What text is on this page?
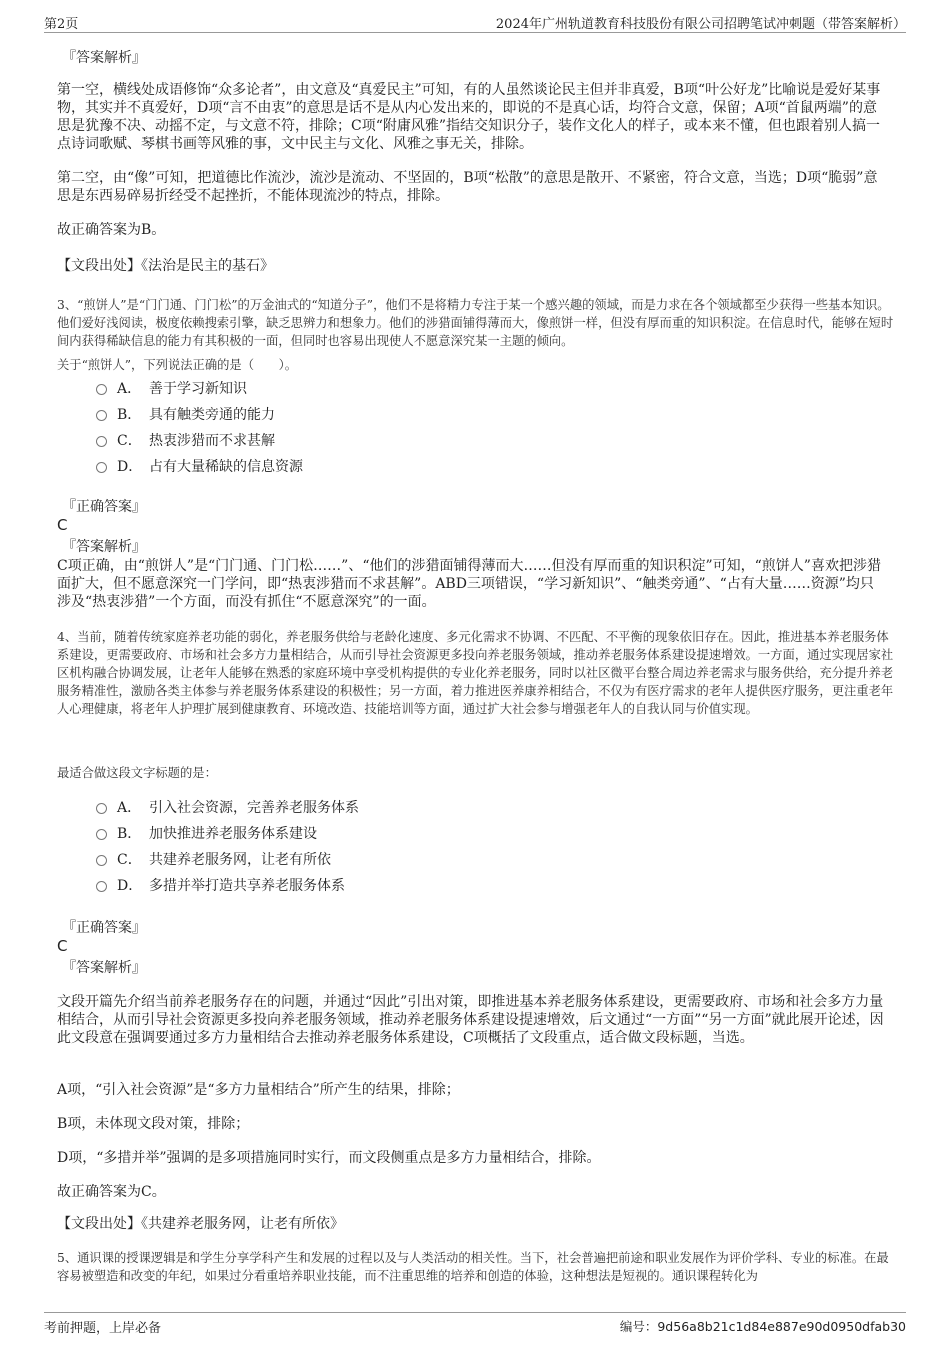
第2页	2024年广州轨道教育科技股份有限公司招聘笔试冲刺题（带答案解析）
『答案解析』

第一空，横线处成语修饰“众多论者”，由文意及“真爱民主”可知，有的人虽然谈论民主但并非真爱，B项“叶公好龙”比喻说是爱好某事物，其实并不真爱好，D项“言不由衷”的意思是话不是从内心发出来的，即说的不是真心话，均符合文意，保留；A项“首鼠两端”的意思是犹豫不决、动摇不定，与文意不符，排除；C项“附庸风雅”指结交知识分子，装作文化人的样子，或本来不懂，但也跟着别人搞一点诗词歌赋、琴棋书画等风雅的事，文中民主与文化、风雅之事无关，排除。

第二空，由“像”可知，把道德比作流沙，流沙是流动、不坚固的，B项“松散”的意思是散开、不紧密，符合文意，当选；D项“脆弱”意思是东西易碎易折经受不起挫折，不能体现流沙的特点，排除。

故正确答案为B。

【文段出处】《法治是民主的基石》

3、“煎饼人”是“门门通、门门松”的万金油式的“知道分子”，他们不是将精力专注于某一个感兴趣的领域，而是力求在各个领域都至少获得一些基本知识。他们爱好浅阅读，极度依赖搜索引擎，缺乏思辨力和想象力。他们的涉猎面铺得薄而大，像煎饼一样，但没有厚而重的知识积淀。在信息时代，能够在短时间内获得稀缺信息的能力有其积极的一面，但同时也容易出现使人不愿意深究某一主题的倾向。

关于“煎饼人”，下列说法正确的是（　　）。

A． 善于学习新知识
B． 具有触类旁通的能力
C． 热衷涉猎而不求甚解
D． 占有大量稀缺的信息资源
『正确答案』
C
『答案解析』

C项正确，由“煎饼人”是“门门通、门门松……”、“他们的涉猎面铺得薄而大……但没有厚而重的知识积淀”可知，“煎饼人”喜欢把涉猎面扩大，但不愿意深究一门学问，即“热衷涉猎而不求甚解”。ABD三项错误，“学习新知识”、“触类旁通”、“占有大量……资源”均只涉及“热衷涉猎”一个方面，而没有抓住“不愿意深究”的一面。

4、当前，随着传统家庭养老功能的弱化，养老服务供给与老龄化速度、多元化需求不协调、不匹配、不平衡的现象依旧存在。因此，推进基本养老服务体系建设，更需要政府、市场和社会多方力量相结合，从而引导社会资源更多投向养老服务领域，推动养老服务体系建设提速增效。一方面，通过实现居家社区机构融合协调发展，让老年人能够在熟悉的家庭环境中享受机构提供的专业化养老服务，同时以社区微平台整合周边养老需求与服务供给，充分提升养老服务精准性，激励各类主体参与养老服务体系建设的积极性；另一方面，着力推进医养康养相结合，不仅为有医疗需求的老年人提供医疗服务，更注重老年人心理健康，将老年人护理扩展到健康教育、环境改造、技能培训等方面，通过扩大社会参与增强老年人的自我认同与价值实现。

最适合做这段文字标题的是：

A． 引入社会资源，完善养老服务体系
B． 加快推进养老服务体系建设
C． 共建养老服务网，让老有所依
D． 多措并举打造共享养老服务体系
『正确答案』
C
『答案解析』

文段开篇先介绍当前养老服务存在的问题，并通过“因此”引出对策，即推进基本养老服务体系建设，更需要政府、市场和社会多方力量相结合，从而引导社会资源更多投向养老服务领域，推动养老服务体系建设提速增效，后文通过“一方面”“另一方面”就此展开论述，因此文段意在强调要通过多方力量相结合去推动养老服务体系建设，C项概括了文段重点，适合做文段标题，当选。

A项，“引入社会资源”是“多方力量相结合”所产生的结果，排除；

B项，未体现文段对策，排除；

D项，“多措并举”强调的是多项措施同时实行，而文段侧重点是多方力量相结合，排除。

故正确答案为C。

【文段出处】《共建养老服务网，让老有所依》

5、通识课的授课逻辑是和学生分享学科产生和发展的过程以及与人类活动的相关性。当下，社会普遍把前途和职业发展作为评价学科、专业的标准。在最容易被塑造和改变的年纪，如果过分看重培养职业技能，而不注重思维的培养和创造的体验，这种想法是短视的。通识课程转化为

考前押题，上岸必备	编号：9d56a8b21c1d84e887e90d0950dfab30
